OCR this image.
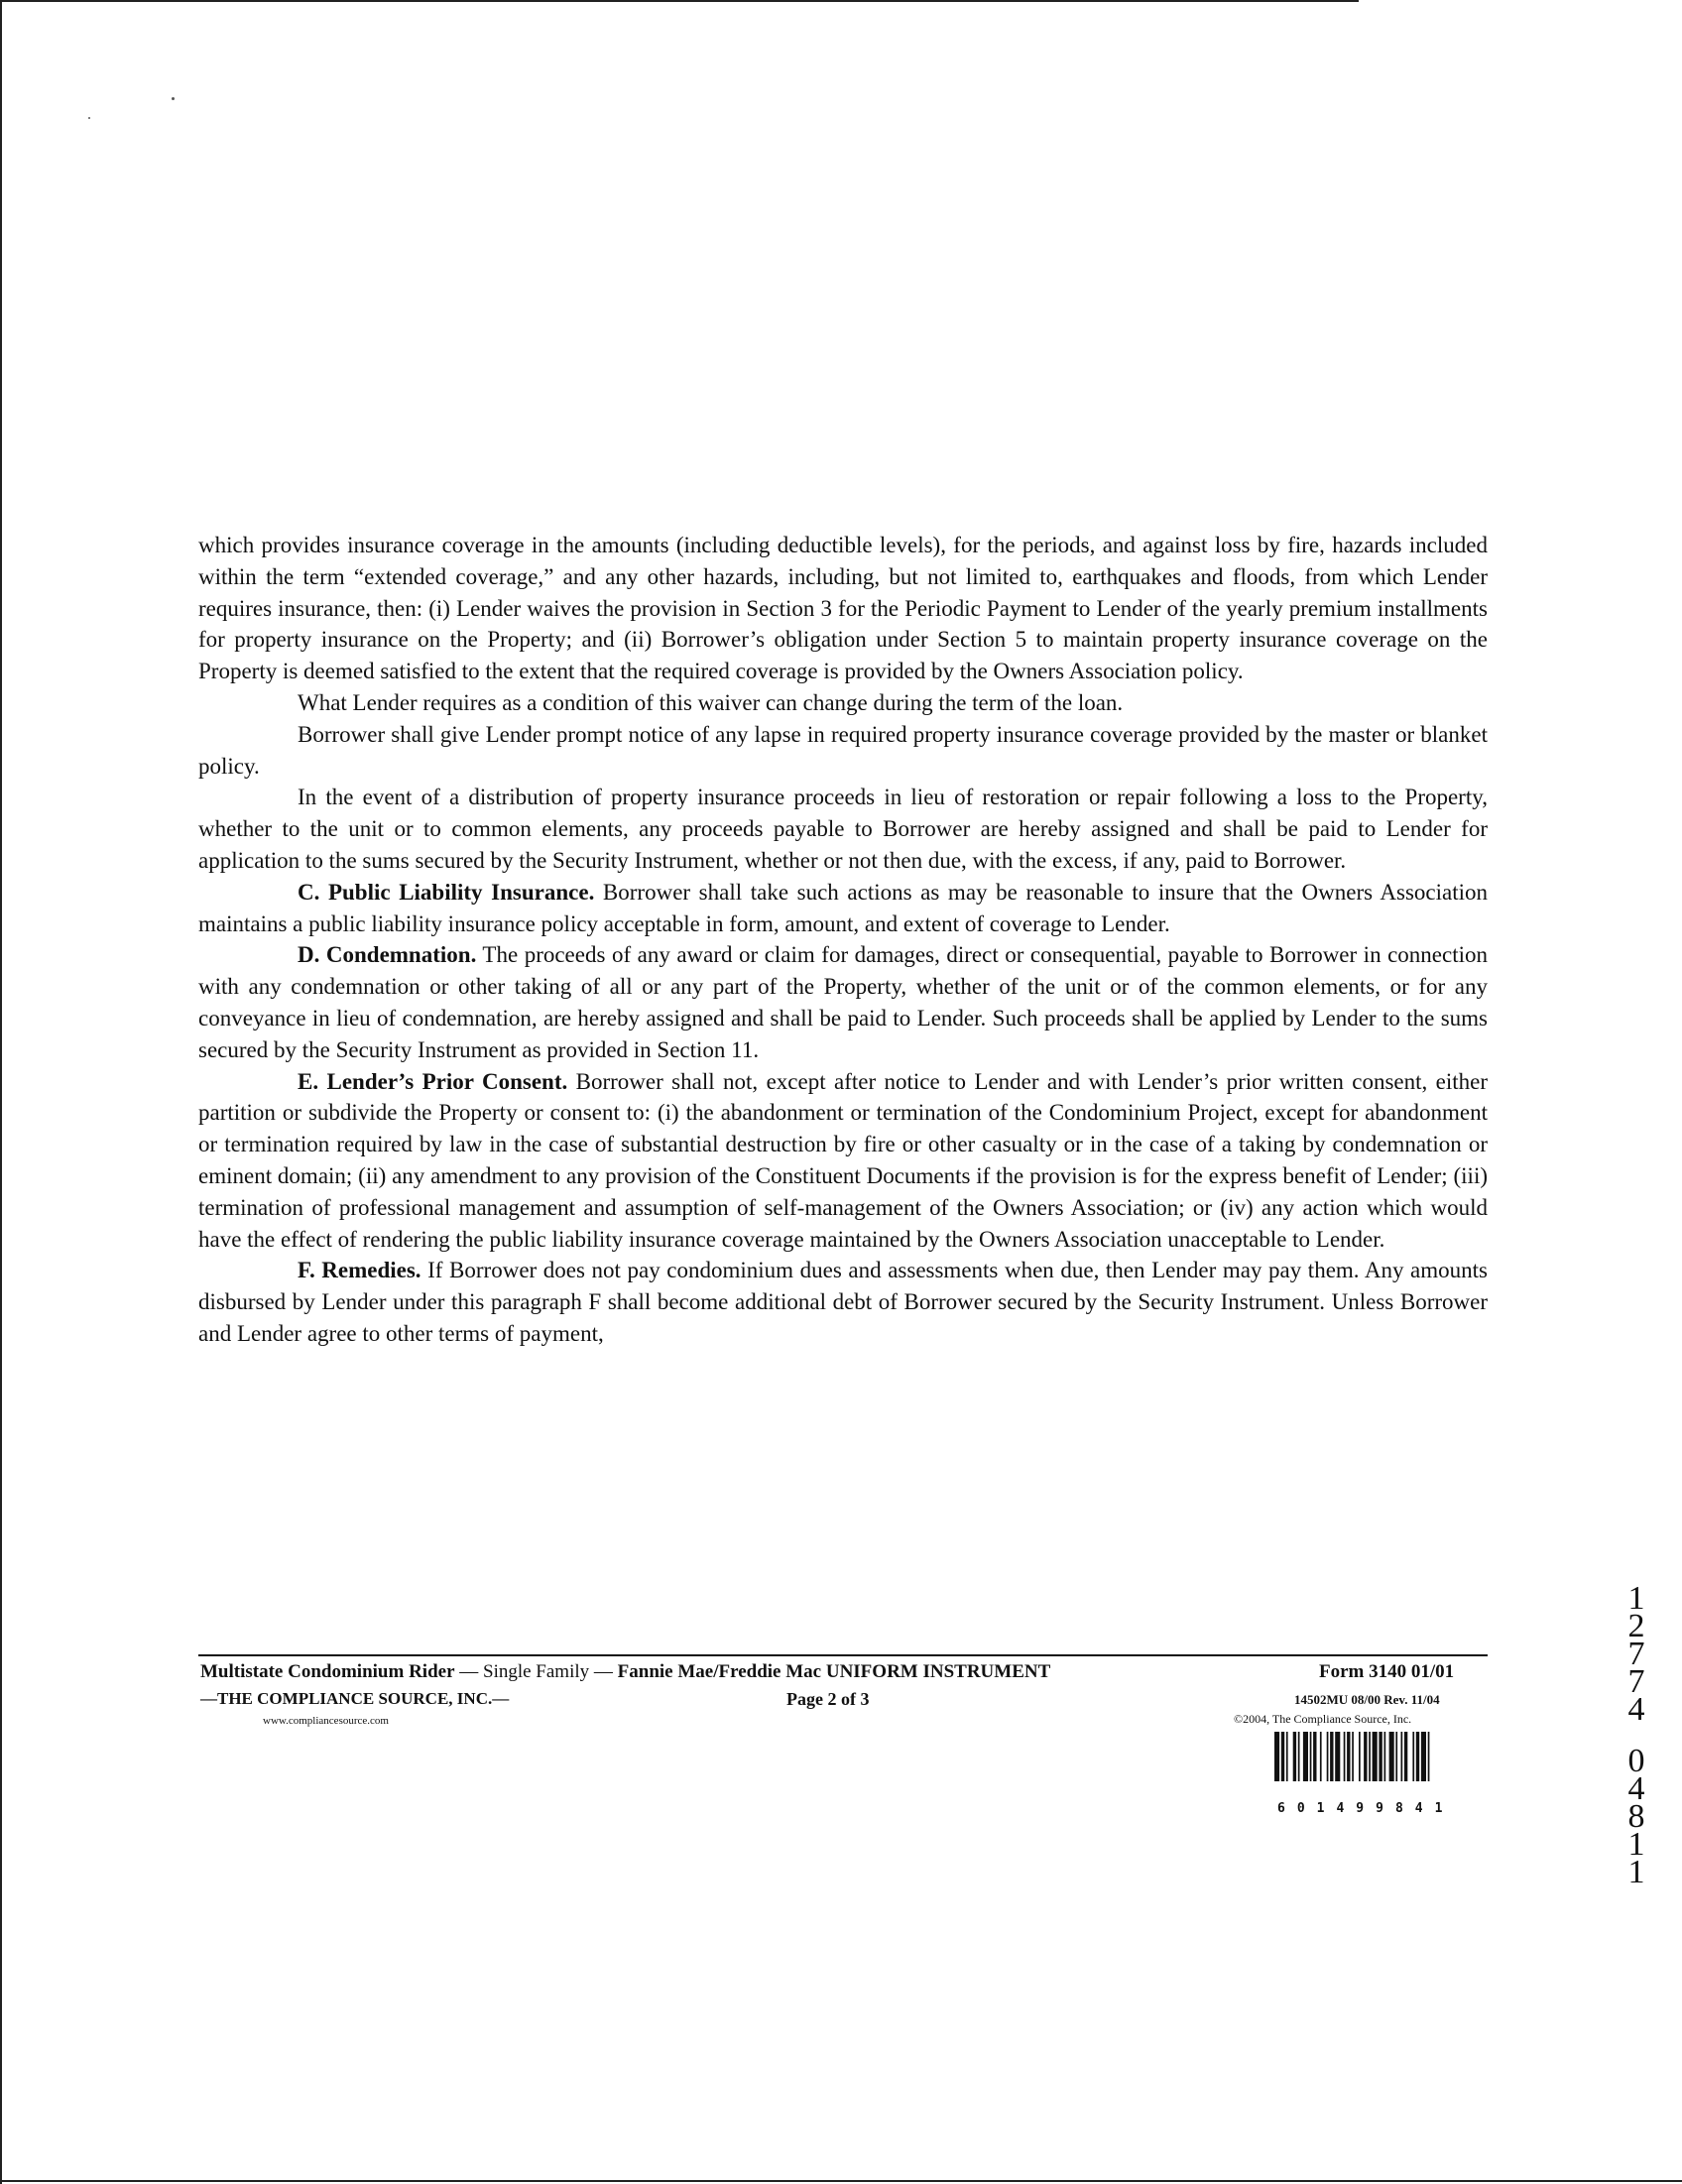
which provides insurance coverage in the amounts (including deductible levels), for the periods, and against loss by fire, hazards included within the term “extended coverage,” and any other hazards, including, but not limited to, earthquakes and floods, from which Lender requires insurance, then: (i) Lender waives the provision in Section 3 for the Periodic Payment to Lender of the yearly premium installments for property insurance on the Property; and (ii) Borrower’s obligation under Section 5 to maintain property insurance coverage on the Property is deemed satisfied to the extent that the required coverage is provided by the Owners Association policy.

What Lender requires as a condition of this waiver can change during the term of the loan.

Borrower shall give Lender prompt notice of any lapse in required property insurance coverage provided by the master or blanket policy.

In the event of a distribution of property insurance proceeds in lieu of restoration or repair following a loss to the Property, whether to the unit or to common elements, any proceeds payable to Borrower are hereby assigned and shall be paid to Lender for application to the sums secured by the Security Instrument, whether or not then due, with the excess, if any, paid to Borrower.

C. Public Liability Insurance. Borrower shall take such actions as may be reasonable to insure that the Owners Association maintains a public liability insurance policy acceptable in form, amount, and extent of coverage to Lender.

D. Condemnation. The proceeds of any award or claim for damages, direct or consequential, payable to Borrower in connection with any condemnation or other taking of all or any part of the Property, whether of the unit or of the common elements, or for any conveyance in lieu of condemnation, are hereby assigned and shall be paid to Lender. Such proceeds shall be applied by Lender to the sums secured by the Security Instrument as provided in Section 11.

E. Lender’s Prior Consent. Borrower shall not, except after notice to Lender and with Lender’s prior written consent, either partition or subdivide the Property or consent to: (i) the abandonment or termination of the Condominium Project, except for abandonment or termination required by law in the case of substantial destruction by fire or other casualty or in the case of a taking by condemnation or eminent domain; (ii) any amendment to any provision of the Constituent Documents if the provision is for the express benefit of Lender; (iii) termination of professional management and assumption of self-management of the Owners Association; or (iv) any action which would have the effect of rendering the public liability insurance coverage maintained by the Owners Association unacceptable to Lender.

F. Remedies. If Borrower does not pay condominium dues and assessments when due, then Lender may pay them. Any amounts disbursed by Lender under this paragraph F shall become additional debt of Borrower secured by the Security Instrument. Unless Borrower and Lender agree to other terms of payment,

Multistate Condominium Rider — Single Family — Fannie Mae/Freddie Mac UNIFORM INSTRUMENT	Form 3140 01/01
—THE COMPLIANCE SOURCE, INC.—	Page 2 of 3	14502MU 08/00 Rev. 11/04
www.compliancesource.com	©2004, The Compliance Source, Inc.
601499841
1
2
7
7
4
0
4
8
1
1
